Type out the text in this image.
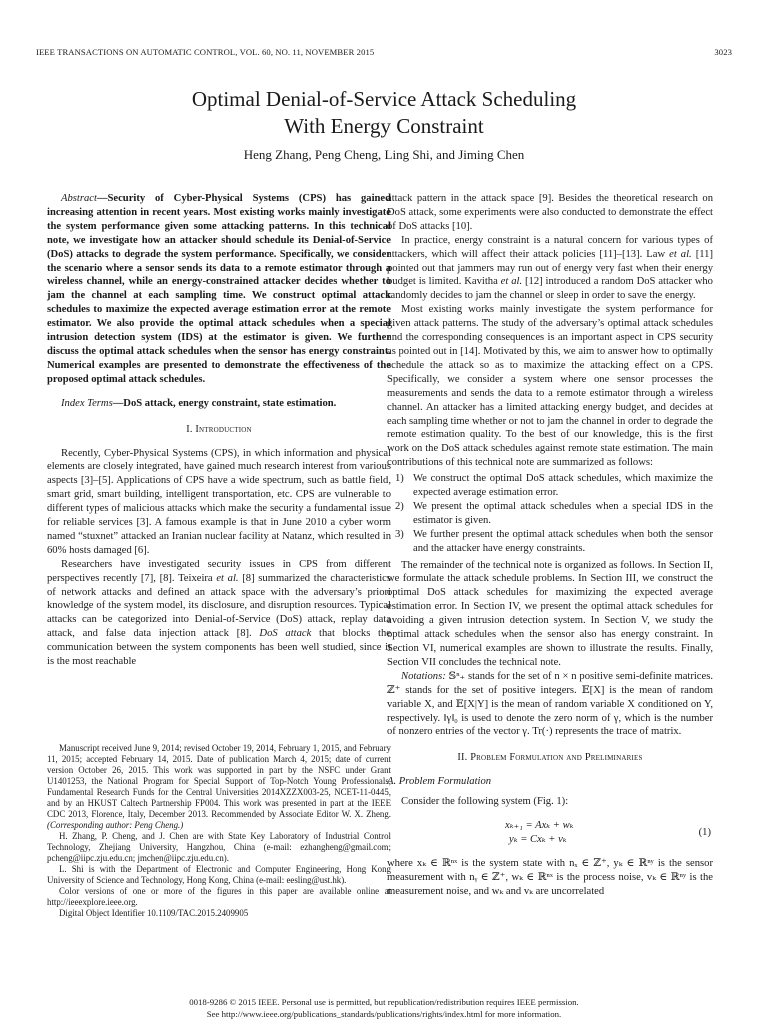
IEEE TRANSACTIONS ON AUTOMATIC CONTROL, VOL. 60, NO. 11, NOVEMBER 2015	3023
Optimal Denial-of-Service Attack Scheduling
With Energy Constraint
Heng Zhang, Peng Cheng, Ling Shi, and Jiming Chen

Abstract—Security of Cyber-Physical Systems (CPS) has gained increasing attention in recent years. Most existing works mainly investigate the system performance given some attacking patterns. In this technical note, we investigate how an attacker should schedule its Denial-of-Service (DoS) attacks to degrade the system performance. Specifically, we consider the scenario where a sensor sends its data to a remote estimator through a wireless channel, while an energy-constrained attacker decides whether to jam the channel at each sampling time. We construct optimal attack schedules to maximize the expected average estimation error at the remote estimator. We also provide the optimal attack schedules when a special intrusion detection system (IDS) at the estimator is given. We further discuss the optimal attack schedules when the sensor has energy constraint. Numerical examples are presented to demonstrate the effectiveness of the proposed optimal attack schedules.

Index Terms—DoS attack, energy constraint, state estimation.

I. Introduction

Recently, Cyber-Physical Systems (CPS), in which information and physical elements are closely integrated, have gained much research interest from various aspects [3]–[5]. Applications of CPS have a wide spectrum, such as battle field, smart grid, smart building, intelligent transportation, etc. CPS are vulnerable to different types of malicious attacks which make the security a fundamental issue for reliable services [3]. A famous example is that in June 2010 a cyber worm named “stuxnet” attacked an Iranian nuclear facility at Natanz, which resulted in 60% hosts damaged [6].

Researchers have investigated security issues in CPS from different perspectives recently [7], [8]. Teixeira et al. [8] summarized the characteristics of network attacks and defined an attack space with the adversary’s priori knowledge of the system model, its disclosure, and disruption resources. Typical attacks can be categorized into Denial-of-Service (DoS) attack, replay data attack, and false data injection attack [8]. DoS attack that blocks the communication between the system components has been well studied, since it is the most reachable

Manuscript received June 9, 2014; revised October 19, 2014, February 1, 2015, and February 11, 2015; accepted February 14, 2015. Date of publication March 4, 2015; date of current version October 26, 2015. This work was supported in part by the NSFC under Grant U1401253, the National Program for Special Support of Top-Notch Young Professionals, Fundamental Research Funds for the Central Universities 2014XZZX003-25, NCET-11-0445, and by an HKUST Caltech Partnership FP004. This work was presented in part at the IEEE CDC 2013, Florence, Italy, December 2013. Recommended by Associate Editor W. X. Zheng. (Corresponding author: Peng Cheng.)

H. Zhang, P. Cheng, and J. Chen are with State Key Laboratory of Industrial Control Technology, Zhejiang University, Hangzhou, China (e-mail: ezhangheng@gmail.com; pcheng@iipc.zju.edu.cn; jmchen@iipc.zju.edu.cn).

L. Shi is with the Department of Electronic and Computer Engineering, Hong Kong University of Science and Technology, Hong Kong, China (e-mail: eesling@ust.hk).

Color versions of one or more of the figures in this paper are available online at http://ieeexplore.ieee.org.

Digital Object Identifier 10.1109/TAC.2015.2409905

attack pattern in the attack space [9]. Besides the theoretical research on DoS attack, some experiments were also conducted to demonstrate the effect of DoS attacks [10].

In practice, energy constraint is a natural concern for various types of attackers, which will affect their attack policies [11]–[13]. Law et al. [11] pointed out that jammers may run out of energy very fast when their energy budget is limited. Kavitha et al. [12] introduced a random DoS attacker who randomly decides to jam the channel or sleep in order to save the energy.

Most existing works mainly investigate the system performance for given attack patterns. The study of the adversary’s optimal attack schedules and the corresponding consequences is an important aspect in CPS security as pointed out in [14]. Motivated by this, we aim to answer how to optimally schedule the attack so as to maximize the attacking effect on a CPS. Specifically, we consider a system where one sensor processes the measurements and sends the data to a remote estimator through a wireless channel. An attacker has a limited attacking energy budget, and decides at each sampling time whether or not to jam the channel in order to degrade the remote estimation quality. To the best of our knowledge, this is the first work on the DoS attack schedules against remote state estimation. The main contributions of this technical note are summarized as follows:

1) We construct the optimal DoS attack schedules, which maximize the expected average estimation error.
2) We present the optimal attack schedules when a special IDS in the estimator is given.
3) We further present the optimal attack schedules when both the sensor and the attacker have energy constraints.

The remainder of the technical note is organized as follows. In Section II, we formulate the attack schedule problems. In Section III, we construct the optimal DoS attack schedules for maximizing the expected average estimation error. In Section IV, we present the optimal attack schedules for avoiding a given intrusion detection system. In Section V, we study the optimal attack schedules when the sensor also has energy constraint. In Section VI, numerical examples are shown to illustrate the results. Finally, Section VII concludes the technical note.

Notations: 𝕊ⁿ₊ stands for the set of n × n positive semi-definite matrices. ℤ⁺ stands for the set of positive integers. 𝔼[X] is the mean of random variable X, and 𝔼[X|Y] is the mean of random variable X conditioned on Y, respectively. ‖γ‖₀ is used to denote the zero norm of γ, which is the number of nonzero entries of the vector γ. Tr(·) represents the trace of matrix.

II. Problem Formulation and Preliminaries
A. Problem Formulation

Consider the following system (Fig. 1):

xₖ₊₁ = Axₖ + wₖ
yₖ = Cxₖ + vₖ
(1)

where xₖ ∈ ℝⁿˣ is the system state with nₓ ∈ ℤ⁺, yₖ ∈ ℝⁿʸ is the sensor measurement with nᵧ ∈ ℤ⁺, wₖ ∈ ℝⁿˣ is the process noise, vₖ ∈ ℝⁿʸ is the measurement noise, and wₖ and vₖ are uncorrelated

0018-9286 © 2015 IEEE. Personal use is permitted, but republication/redistribution requires IEEE permission.
See http://www.ieee.org/publications_standards/publications/rights/index.html for more information.
